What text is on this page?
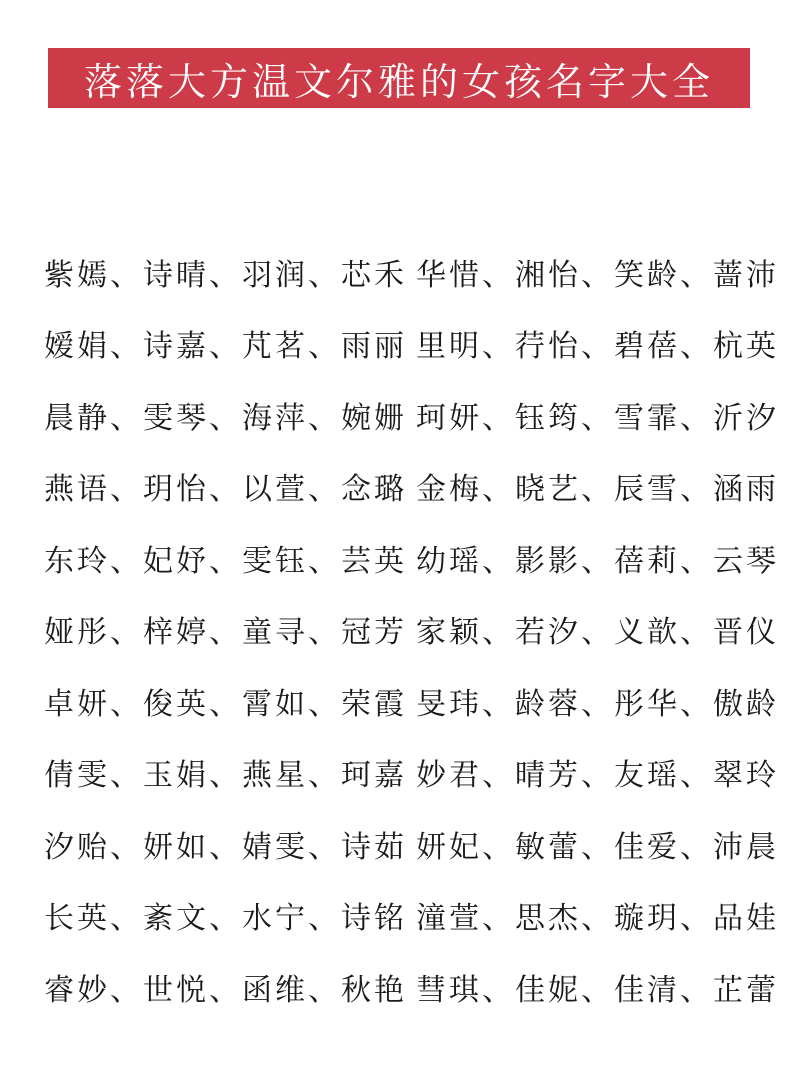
落落大方温文尔雅的女孩名字大全
紫嫣、诗晴、羽润、芯禾 华惜、湘怡、笑龄、蔷沛
嫒娟、诗嘉、芃茗、雨丽 里明、荇怡、碧蓓、杭英
晨静、雯琴、海萍、婉姗 珂妍、钰筠、雪霏、沂汐
燕语、玥怡、以萱、念璐 金梅、晓艺、辰雪、涵雨
东玲、妃妤、雯钰、芸英 幼瑶、影影、蓓莉、云琴
娅彤、梓婷、童寻、冠芳 家颖、若汐、义歆、晋仪
卓妍、俊英、霄如、荣霞 旻玮、龄蓉、彤华、傲龄
倩雯、玉娟、燕星、珂嘉 妙君、晴芳、友瑶、翠玲
汐贻、妍如、婧雯、诗茹 妍妃、敏蕾、佳爱、沛晨
长英、紊文、水宁、诗铭 潼萱、思杰、璇玥、品娃
睿妙、世悦、函维、秋艳 彗琪、佳妮、佳清、芷蕾
